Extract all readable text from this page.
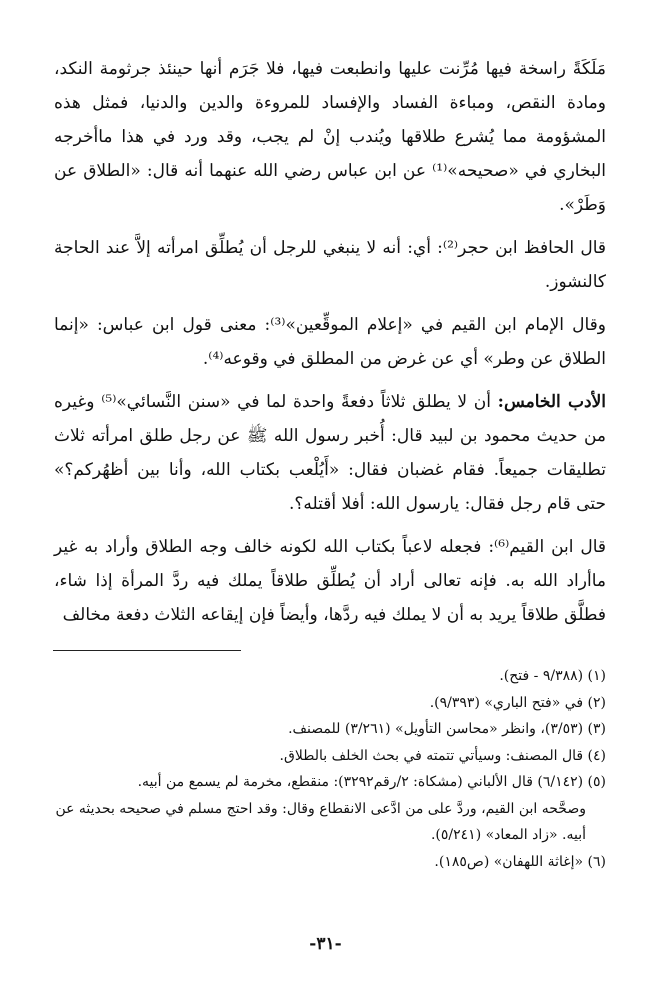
مَلَكَةً راسخة فيها مُرِّنت عليها وانطبعت فيها، فلا جَرَم أنها حينئذ جرثومة النكد، ومادة النقص، ومباءة الفساد والإفساد للمروءة والدين والدنيا، فمثل هذه المشؤومة مما يُشرع طلاقها ويُندب إنْ لم يجب، وقد ورد في هذا ماأخرجه البخاري في «صحيحه»⁽¹⁾ عن ابن عباس رضي الله عنهما أنه قال: «الطلاق عن وَطَرْ».

قال الحافظ ابن حجر⁽²⁾: أي: أنه لا ينبغي للرجل أن يُطلِّق امرأته إلاَّ عند الحاجة كالنشوز.

وقال الإمام ابن القيم في «إعلام الموقِّعين»⁽³⁾: معنى قول ابن عباس: «إنما الطلاق عن وطر» أي عن غرض من المطلق في وقوعه⁽⁴⁾.

الأدب الخامس: أن لا يطلق ثلاثاً دفعةً واحدة لما في «سنن النَّسائي»⁽⁵⁾ وغيره من حديث محمود بن لبيد قال: أُخبر رسول الله ﷺ عن رجل طلق امرأته ثلاث تطليقات جميعاً. فقام غضبان فقال: «أَيُلْعب بكتاب الله، وأنا بين أظهُركم؟» حتى قام رجل فقال: يارسول الله: أفلا أقتله؟.

قال ابن القيم⁽⁶⁾: فجعله لاعباً بكتاب الله لكونه خالف وجه الطلاق وأراد به غير ماأراد الله به. فإنه تعالى أراد أن يُطلِّق طلاقاً يملك فيه ردَّ المرأة إذا شاء، فطلَّق طلاقاً يريد به أن لا يملك فيه ردَّها، وأيضاً فإن إيقاعه الثلاث دفعة مخالف

(١) (٩/٣٨٨ - فتح).

(٢) في «فتح الباري» (٩/٣٩٣).

(٣) (٣/٥٣)، وانظر «محاسن التأويل» (٣/٢٦١) للمصنف.

(٤) قال المصنف: وسيأتي تتمته في بحث الخلف بالطلاق.

(٥) (٦/١٤٢) قال الألباني (مشكاة: ٢/رقم٣٢٩٢): منقطع، مخرمة لم يسمع من أبيه.

وصحَّحه ابن القيم، وردَّ على من ادَّعى الانقطاع وقال: وقد احتج مسلم في صحيحه بحديثه عن أبيه. «زاد المعاد» (٥/٢٤١).

(٦) «إغاثة اللهفان» (ص١٨٥).

-٣١-
